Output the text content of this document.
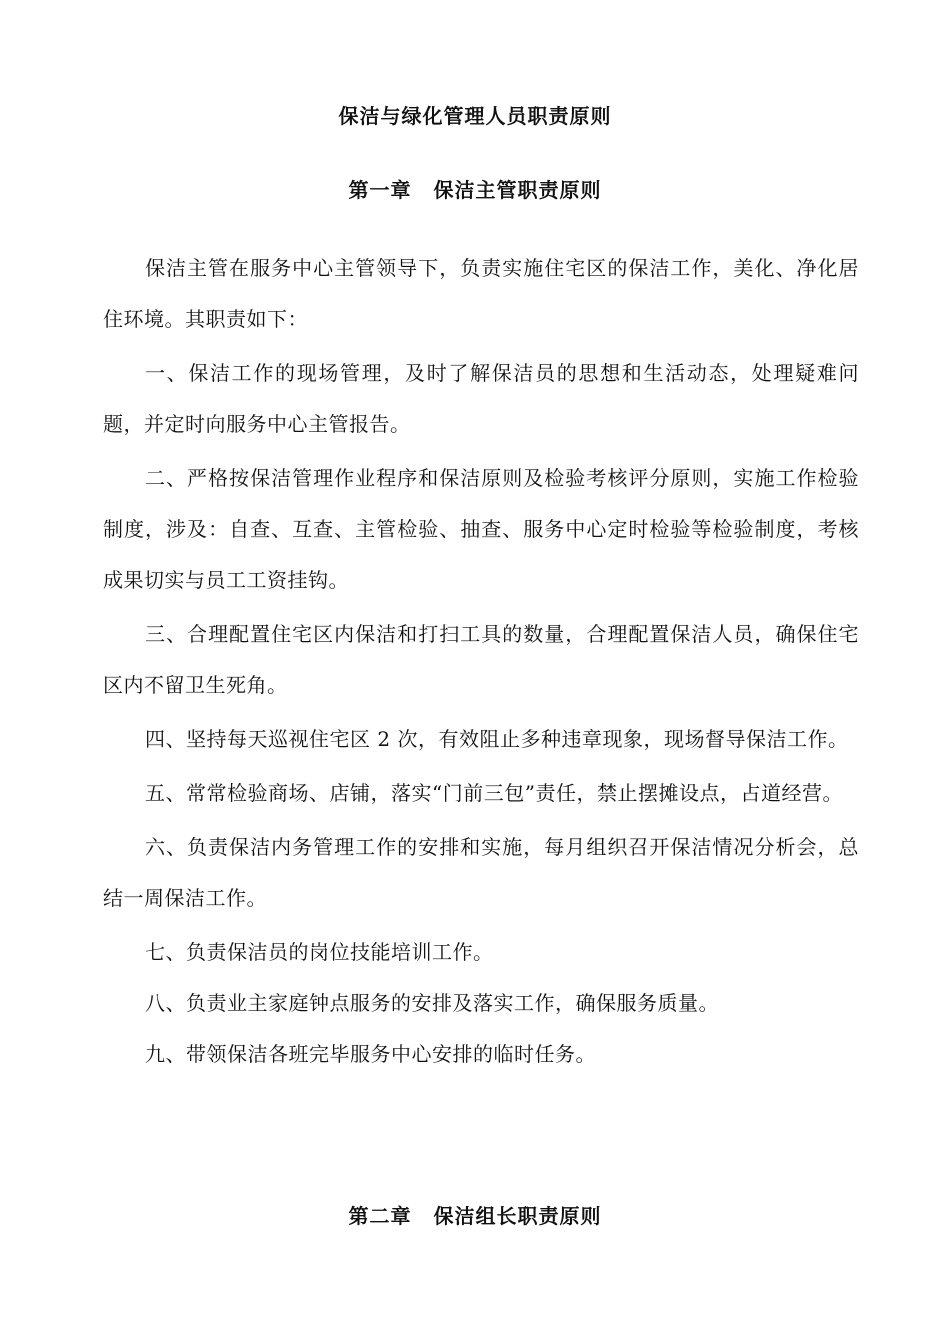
保洁与绿化管理人员职责原则
第一章 保洁主管职责原则

保洁主管在服务中心主管领导下，负责实施住宅区的保洁工作，美化、净化居住环境。其职责如下：

一、保洁工作的现场管理，及时了解保洁员的思想和生活动态，处理疑难问题，并定时向服务中心主管报告。

二、严格按保洁管理作业程序和保洁原则及检验考核评分原则，实施工作检验制度，涉及：自查、互查、主管检验、抽查、服务中心定时检验等检验制度，考核成果切实与员工工资挂钩。

三、合理配置住宅区内保洁和打扫工具的数量，合理配置保洁人员，确保住宅区内不留卫生死角。

四、坚持每天巡视住宅区 2 次，有效阻止多种违章现象，现场督导保洁工作。

五、常常检验商场、店铺，落实“门前三包”责任，禁止摆摊设点，占道经营。

六、负责保洁内务管理工作的安排和实施，每月组织召开保洁情况分析会，总结一周保洁工作。

七、负责保洁员的岗位技能培训工作。

八、负责业主家庭钟点服务的安排及落实工作，确保服务质量。

九、带领保洁各班完毕服务中心安排的临时任务。

第二章 保洁组长职责原则
